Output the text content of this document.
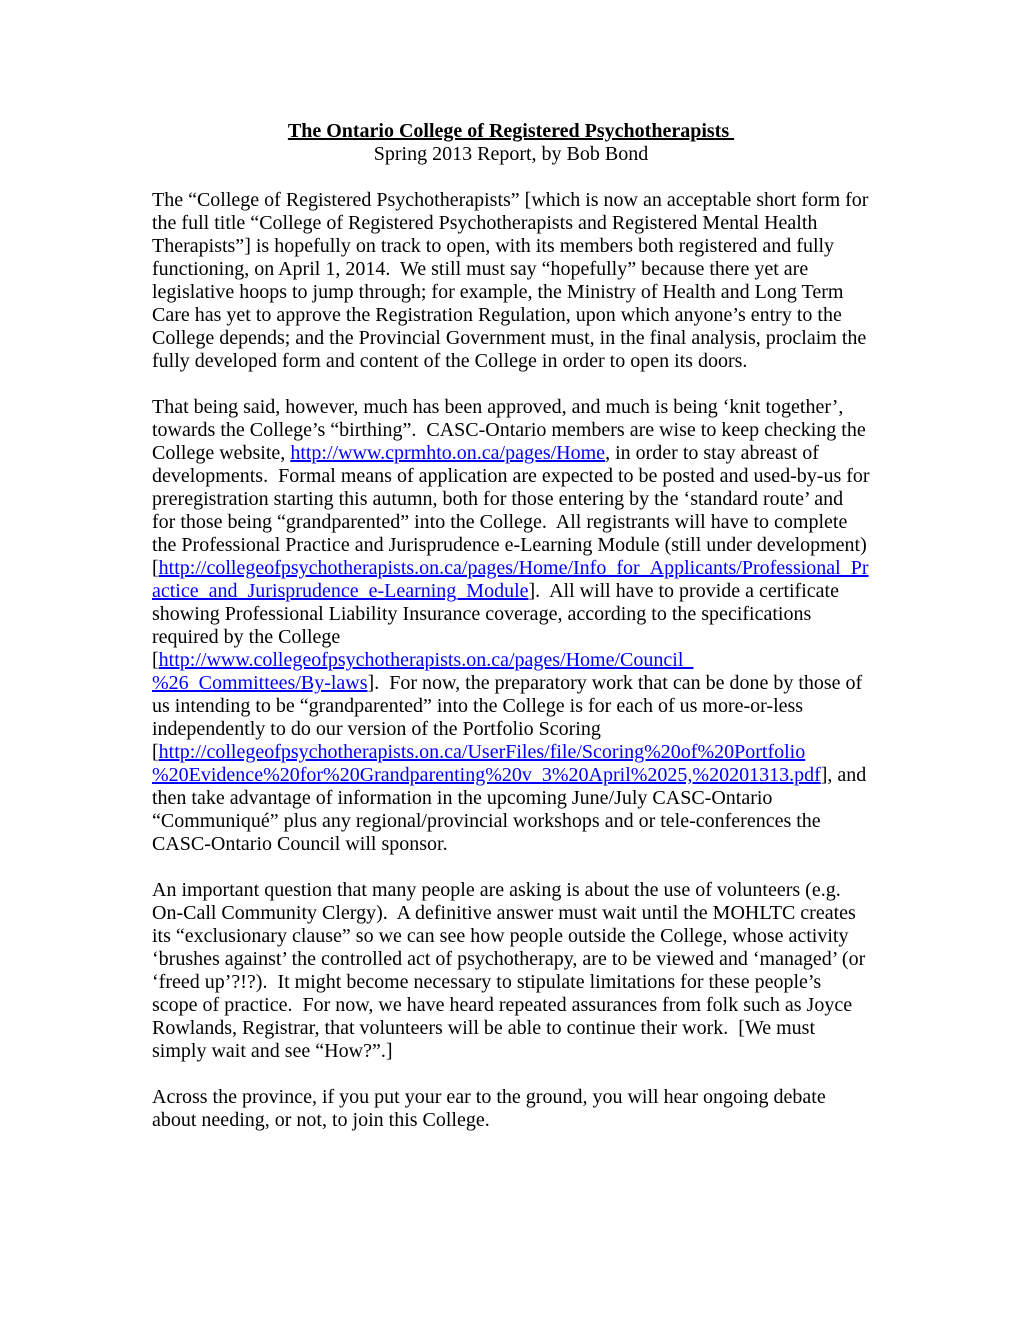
The Ontario College of Registered Psychotherapists
Spring 2013 Report, by Bob Bond
The “College of Registered Psychotherapists” [which is now an acceptable short form for
the full title “College of Registered Psychotherapists and Registered Mental Health
Therapists”] is hopefully on track to open, with its members both registered and fully
functioning, on April 1, 2014.  We still must say “hopefully” because there yet are
legislative hoops to jump through; for example, the Ministry of Health and Long Term
Care has yet to approve the Registration Regulation, upon which anyone’s entry to the
College depends; and the Provincial Government must, in the final analysis, proclaim the
fully developed form and content of the College in order to open its doors.
That being said, however, much has been approved, and much is being ‘knit together’,
towards the College’s “birthing”.  CASC-Ontario members are wise to keep checking the
College website, http://www.cprmhto.on.ca/pages/Home, in order to stay abreast of
developments.  Formal means of application are expected to be posted and used-by-us for
preregistration starting this autumn, both for those entering by the ‘standard route’ and
for those being “grandparented” into the College.  All registrants will have to complete
the Professional Practice and Jurisprudence e-Learning Module (still under development)
[http://collegeofpsychotherapists.on.ca/pages/Home/Info_for_Applicants/Professional_Pr
actice_and_Jurisprudence_e-Learning_Module].  All will have to provide a certificate
showing Professional Liability Insurance coverage, according to the specifications
required by the College
[http://www.collegeofpsychotherapists.on.ca/pages/Home/Council_
%26_Committees/By-laws].  For now, the preparatory work that can be done by those of
us intending to be “grandparented” into the College is for each of us more-or-less
independently to do our version of the Portfolio Scoring
[http://collegeofpsychotherapists.on.ca/UserFiles/file/Scoring%20of%20Portfolio
%20Evidence%20for%20Grandparenting%20v_3%20April%2025,%20201313.pdf], and
then take advantage of information in the upcoming June/July CASC-Ontario
“Communiqué” plus any regional/provincial workshops and or tele-conferences the
CASC-Ontario Council will sponsor.
An important question that many people are asking is about the use of volunteers (e.g.
On-Call Community Clergy).  A definitive answer must wait until the MOHLTC creates
its “exclusionary clause” so we can see how people outside the College, whose activity
‘brushes against’ the controlled act of psychotherapy, are to be viewed and ‘managed’ (or
‘freed up’?!?).  It might become necessary to stipulate limitations for these people’s
scope of practice.  For now, we have heard repeated assurances from folk such as Joyce
Rowlands, Registrar, that volunteers will be able to continue their work.  [We must
simply wait and see “How?”.]
Across the province, if you put your ear to the ground, you will hear ongoing debate
about needing, or not, to join this College.
